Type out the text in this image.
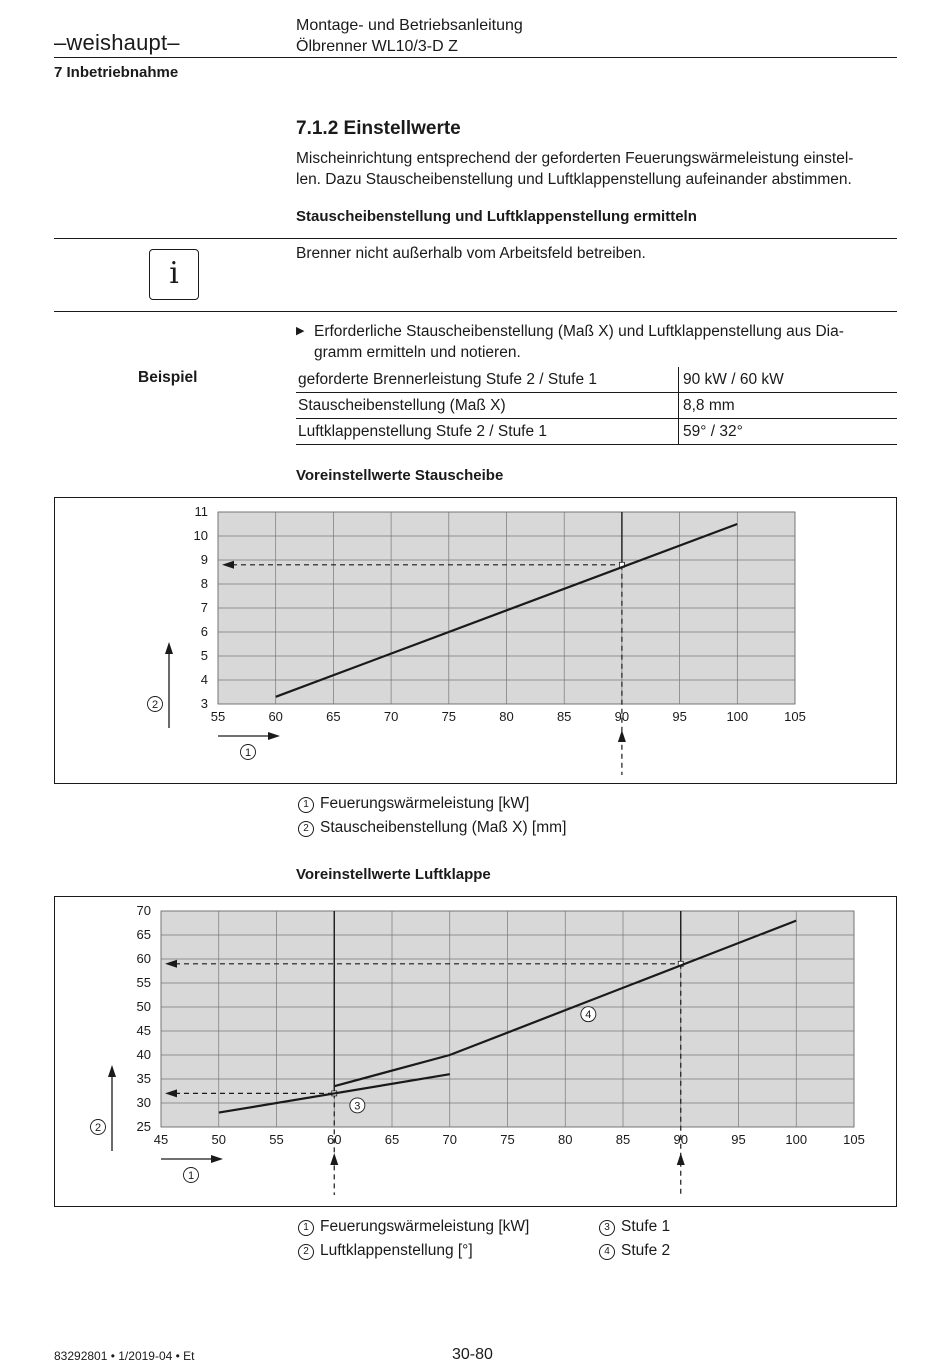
–weishaupt–
Montage- und Betriebsanleitung
Ölbrenner WL10/3-D Z
7 Inbetriebnahme
7.1.2 Einstellwerte
Mischeinrichtung entsprechend der geforderten Feuerungswärmeleistung einstel-
len. Dazu Stauscheibenstellung und Luftklappenstellung aufeinander abstimmen.
Stauscheibenstellung und Luftklappenstellung ermitteln
i
Brenner nicht außerhalb vom Arbeitsfeld betreiben.
▶ Erforderliche Stauscheibenstellung (Maß X) und Luftklappenstellung aus Dia-
gramm ermitteln und notieren.
Beispiel	geforderte Brennerleistung Stufe 2 / Stufe 1	90 kW / 60 kW
Stauscheibenstellung (Maß X)	8,8 mm
Luftklappenstellung Stufe 2 / Stufe 1	59° / 32°
Voreinstellwerte Stauscheibe
55	60	65	70	75	80	85	90	95	100	105
3
4
5
6
7
8
9
10
11
2
1
1 Feuerungswärmeleistung [kW]
2 Stauscheibenstellung (Maß X) [mm]
Voreinstellwerte Luftklappe
45	50	55	60	65	70	75	80	85	90	95	100	105
25
30
35
40
45
50
55
60
65
70
3
4
2
1
1 Feuerungswärmeleistung [kW]
2 Luftklappenstellung [°]
3 Stufe 1
4 Stufe 2
83292801 • 1/2019-04 • Et	30-80
